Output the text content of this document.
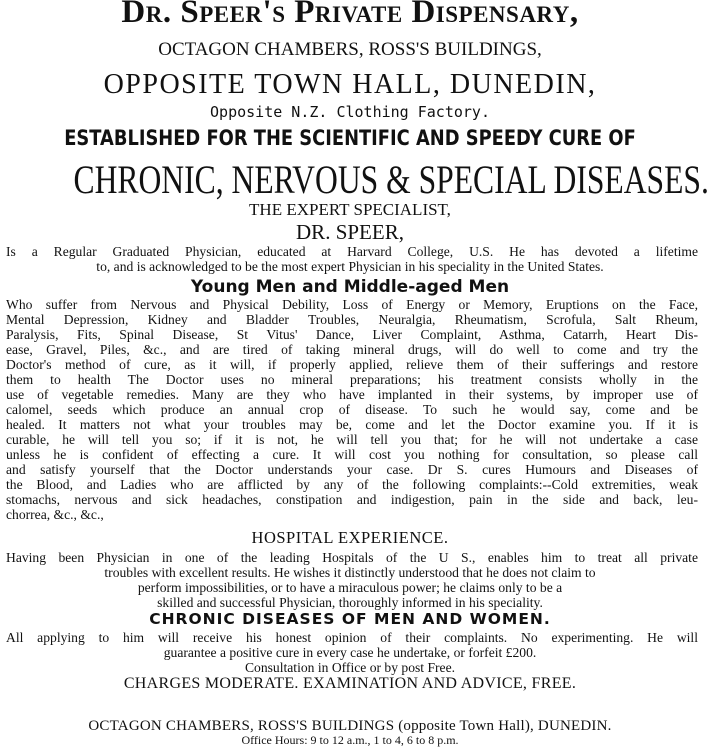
Dr. Speer's Private Dispensary,
OCTAGON CHAMBERS, ROSS'S BUILDINGS,
OPPOSITE TOWN HALL, DUNEDIN,
Opposite N.Z. Clothing Factory.
ESTABLISHED FOR THE SCIENTIFIC AND SPEEDY CURE OF
CHRONIC, NERVOUS & SPECIAL DISEASES.
THE EXPERT SPECIALIST,
DR. SPEER,
Is a Regular Graduated Physician, educated at Harvard College, U.S. He has devoted a lifetime
to, and is acknowledged to be the most expert Physician in his speciality in the United States.
Young Men and Middle-aged Men
Who suffer from Nervous and Physical Debility, Loss of Energy or Memory, Eruptions on the Face,
Mental Depression, Kidney and Bladder Troubles, Neuralgia, Rheumatism, Scrofula, Salt Rheum,
Paralysis, Fits, Spinal Disease, St Vitus' Dance, Liver Complaint, Asthma, Catarrh, Heart Dis-
ease, Gravel, Piles, &c., and are tired of taking mineral drugs, will do well to come and try the
Doctor's method of cure, as it will, if properly applied, relieve them of their sufferings and restore
them to health The Doctor uses no mineral preparations; his treatment consists wholly in the
use of vegetable remedies. Many are they who have implanted in their systems, by improper use of
calomel, seeds which produce an annual crop of disease. To such he would say, come and be
healed. It matters not what your troubles may be, come and let the Doctor examine you. If it is
curable, he will tell you so; if it is not, he will tell you that; for he will not undertake a case
unless he is confident of effecting a cure. It will cost you nothing for consultation, so please call
and satisfy yourself that the Doctor understands your case. Dr S. cures Humours and Diseases of
the Blood, and Ladies who are afflicted by any of the following complaints:--Cold extremities, weak
stomachs, nervous and sick headaches, constipation and indigestion, pain in the side and back, leu-
chorrea, &c., &c.,
HOSPITAL EXPERIENCE.
Having been Physician in one of the leading Hospitals of the U S., enables him to treat all private
troubles with excellent results. He wishes it distinctly understood that he does not claim to
perform impossibilities, or to have a miraculous power; he claims only to be a
skilled and successful Physician, thoroughly informed in his speciality.
CHRONIC DISEASES OF MEN AND WOMEN.
All applying to him will receive his honest opinion of their complaints. No experimenting. He will
guarantee a positive cure in every case he undertake, or forfeit £200.
Consultation in Office or by post Free.
CHARGES MODERATE. EXAMINATION AND ADVICE, FREE.
OCTAGON CHAMBERS, ROSS'S BUILDINGS (opposite Town Hall), DUNEDIN.
Office Hours: 9 to 12 a.m., 1 to 4, 6 to 8 p.m.
